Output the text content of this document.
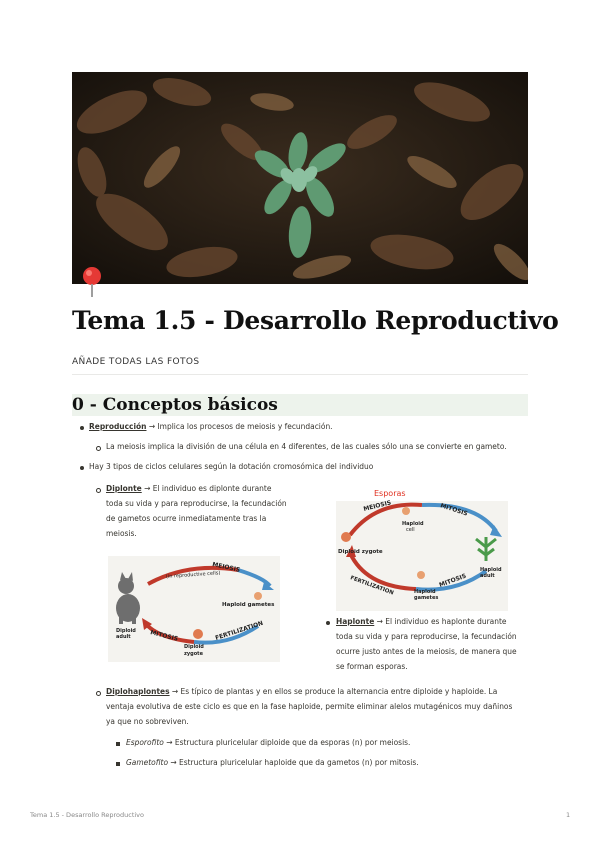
Tema 1.5 - Desarrollo Reproductivo
AÑADE TODAS LAS FOTOS
0 - Conceptos básicos
Reproducción → Implica los procesos de meiosis y fecundación.
La meiosis implica la división de una célula en 4 diferentes, de las cuales sólo una se convierte en gameto.
Hay 3 tipos de ciclos celulares según la dotación cromosómica del individuo
Diplonte → El individuo es diplonte durante
toda su vida y para reproducirse, la fecundación
de gametos ocurre inmediatamente tras la
meiosis.
Esporas
MEIOSIS	MITOSIS
Haploid
cell
Diploid zygote
Haploid
adult
FERTILIZATION	MITOSIS
Haploid
gametes
MEIOSIS
(in reproductive cells)
Haploid gametes
Diploid
adult	MITOSIS	FERTILIZATION
Diploid
zygote
Haplonte → El individuo es haplonte durante
toda su vida y para reproducirse, la fecundación
ocurre justo antes de la meiosis, de manera que
se forman esporas.
Diplohaplontes → Es típico de plantas y en ellos se produce la alternancia entre diploide y haploide. La
ventaja evolutiva de este ciclo es que en la fase haploide, permite eliminar alelos mutagénicos muy dañinos
ya que no sobreviven.
Esporofito → Estructura pluricelular diploide que da esporas (n) por meiosis.
Gametofito → Estructura pluricelular haploide que da gametos (n) por mitosis.
Tema 1.5 - Desarrollo Reproductivo	1
